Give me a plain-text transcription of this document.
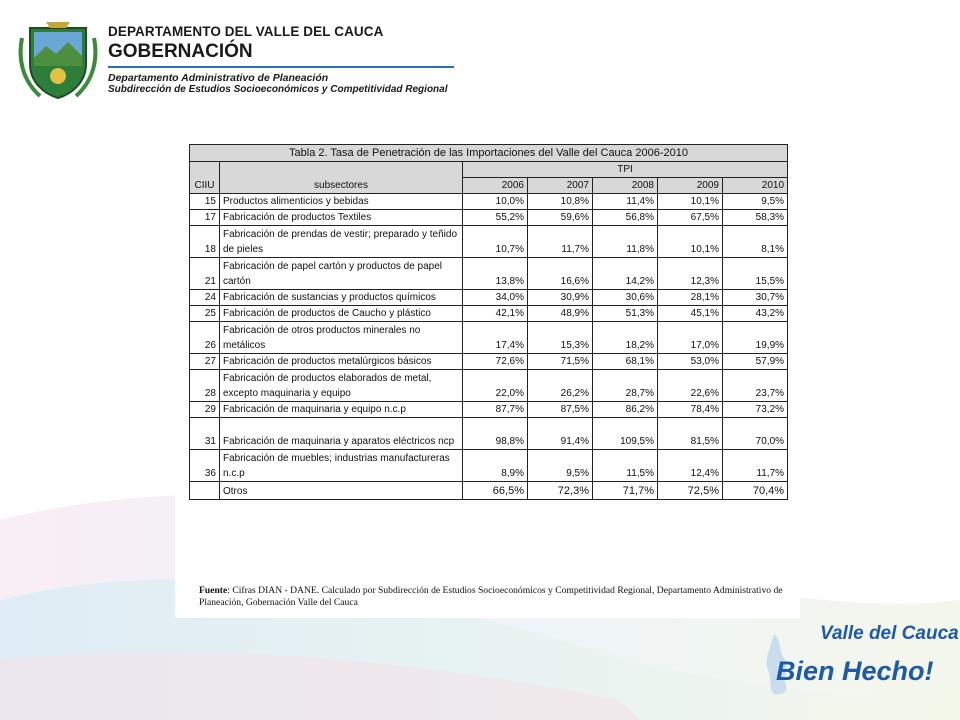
DEPARTAMENTO DEL VALLE DEL CAUCA
GOBERNACIÓN
Departamento Administrativo de Planeación
Subdirección de Estudios Socioeconómicos y Competitividad Regional
Tabla 2. Tasa de Penetración de las Importaciones del Valle del Cauca 2006-2010						
CIIU	subsectores	TPI				
		2006	2007	2008	2009	2010
15	Productos alimenticios y bebidas	10,0%	10,8%	11,4%	10,1%	9,5%
17	Fabricación de productos Textiles	55,2%	59,6%	56,8%	67,5%	58,3%
18	Fabricación de prendas de vestir; preparado y teñido de pieles	10,7%	11,7%	11,8%	10,1%	8,1%
21	Fabricación de papel cartón y productos de papel cartón	13,8%	16,6%	14,2%	12,3%	15,5%
24	Fabricación de sustancias y productos químicos	34,0%	30,9%	30,6%	28,1%	30,7%
25	Fabricación de productos de Caucho y plástico	42,1%	48,9%	51,3%	45,1%	43,2%
26	Fabricación de otros productos minerales no metálicos	17,4%	15,3%	18,2%	17,0%	19,9%
27	Fabricación de productos metalúrgicos básicos	72,6%	71,5%	68,1%	53,0%	57,9%
28	Fabricación de productos elaborados de metal, excepto maquinaria y equipo	22,0%	26,2%	28,7%	22,6%	23,7%
29	Fabricación de maquinaria y equipo n.c.p	87,7%	87,5%	86,2%	78,4%	73,2%
31	Fabricación de maquinaria y aparatos eléctricos ncp	98,8%	91,4%	109,5%	81,5%	70,0%
36	Fabricación de muebles; industrias manufactureras n.c.p	8,9%	9,5%	11,5%	12,4%	11,7%
	Otros	66,5%	72,3%	71,7%	72,5%	70,4%
Fuente: Cifras DIAN - DANE. Calculado por Subdirección de Estudios Socioeconómicos y Competitividad Regional, Departamento Administrativo de Planeación, Gobernación Valle del Cauca
Valle del Cauca
Bien Hecho!
